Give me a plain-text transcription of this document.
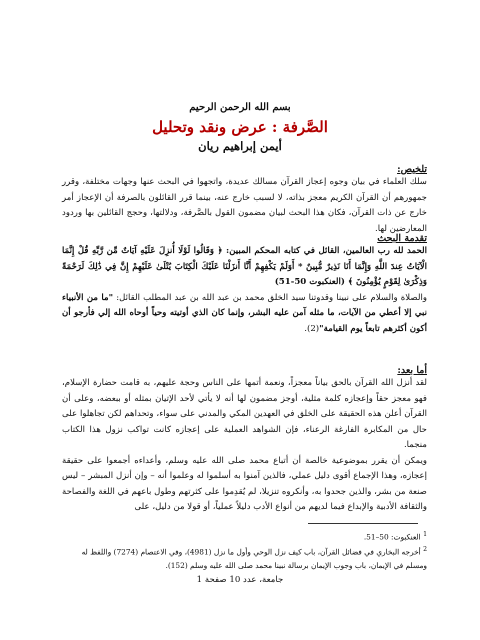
بسم الله الرحمن الرحيم
الصَّرفة : عرض ونقد وتحليل
أيمن إبراهيم ريان
تلخيص:

سلك العلماء في بيان وجوه إعجاز القرآن مسالك عديدة، واتجهوا في البحث عنها وجهات مختلفة، وقرر جمهورهم أن القرآن الكريم معجز بذاته، لا لسبب خارج عنه، بينما قرر القائلون بالصرفة أن الإعجاز أمر خارج عن ذات القرآن، فكان هذا البحث لبيان مضمون القول بالصَّرفة، ودلالتها، وحجج القائلين بها وردود المعارضين لها.

تقدمة البحث

الحمد لله رب العالمين، القائل في كتابه المحكم المبين: ﴿ وَقَالُوا لَوْلَا أُنزِلَ عَلَيْهِ آيَاتٌ مِّن رَّبِّهِ قُلْ إِنَّمَا الْآيَاتُ عِندَ اللَّهِ وَإِنَّمَا أَنَا نَذِيرٌ مُّبِينٌ * أَوَلَمْ يَكْفِهِمْ أَنَّا أَنزَلْنَا عَلَيْكَ الْكِتَابَ يُتْلَىٰ عَلَيْهِمْ إِنَّ فِي ذَٰلِكَ لَرَحْمَةً وَذِكْرَىٰ لِقَوْمٍ يُؤْمِنُونَ ﴾ (العنكبوت 50-51)

والصلاة والسلام على نبينا وقدوتنا سيد الخلق محمد بن عبد الله بن عبد المطلب القائل: "ما من الأنبياء نبي إلا أعطي من الآيات، ما مثله آمن عليه البشر، وإنما كان الذي أوتيته وحياً أوحاه الله إلي فأرجو أن أكون أكثرهم تابعاً يوم القيامة"(2).

أما بعد:

لقد أنزل الله القرآن بالحق بياناً معجزاً، ونعمة أتمها على الناس وحجة عليهم، به قامت حضارة الإسلام، فهو معجز حقاً وإعجازه كلمة مثلية، أوجز مضمون لها أنه لا يأتي لأحد الإتيان بمثله أو ببعضه، وعلى أن القرآن أعلن هذه الحقيقة على الخلق في العهدين المكي والمدني على سواء، وتحداهم لكن تجاهلوا على حال من المكابرة الفارغة الرعناء، فإن الشواهد العملية على إعجازه كانت تواكب نزول هذا الكتاب منجما.

ويمكن أن يقرر بموضوعية خالصة أن أتباع محمد صلى الله عليه وسلم، وأعداءه أجمعوا على حقيقة إعجازه، وهذا الإجماع أقوى دليل عملي، فالذين آمنوا به أسلموا له وعلموا أنه – وإن أنزل المبشر – ليس صنعة من بشر، والذين جحدوا به، وأنكروه تنزيلا، لم يُقدِموا على كثرتهم وطول باعهم في اللغة والفصاحة والثقافة الأدبية والإبداع فيما لديهم من أنواع الأدب دليلاً عملياً، أو قولا من دليل، على

$^1$ العنكبوت: 50–51.

$^2$ أخرجه البخاري في فضائل القرآن، باب كيف نزل الوحي وأول ما نزل (4981)، وفي الاعتصام (7274) واللفظ له ومسلم في الإيمان، باب وجوب الإيمان برسالة نبينا محمد صلى الله عليه وسلم (152).

جامعة، عدد 10 صفحة 1
